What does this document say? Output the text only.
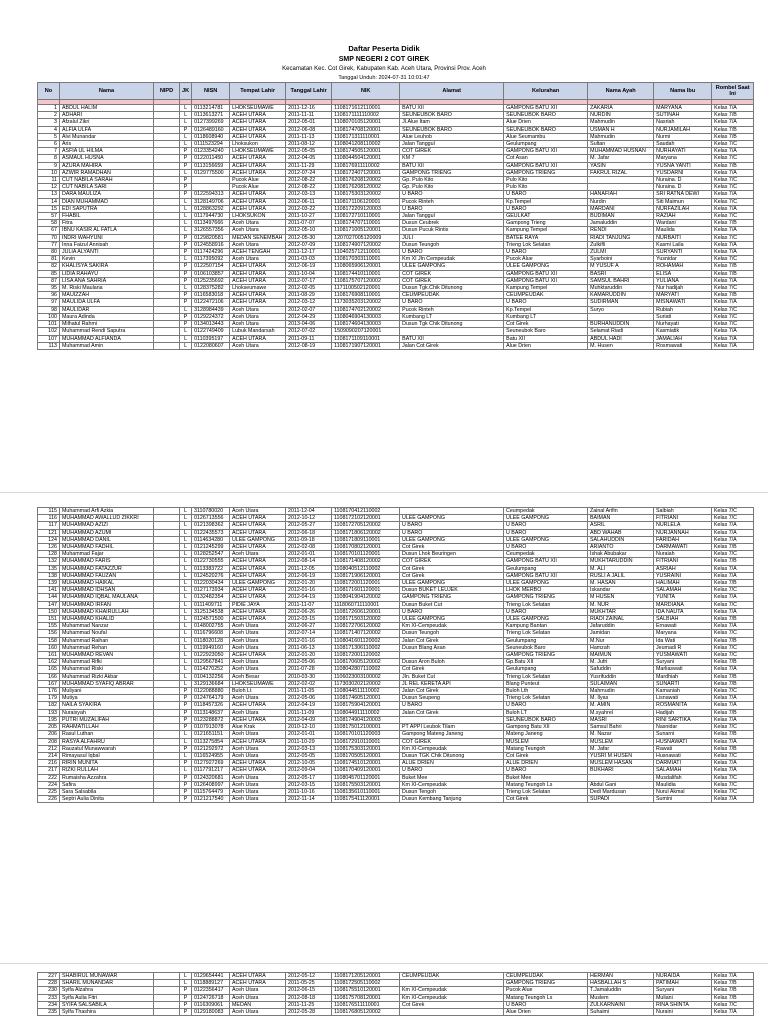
Daftar Peserta Didik
SMP NEGERI 2 COT GIREK
Kecamatan Kec. Cot Girek, Kabupaten Kab. Aceh Utara, Provinsi Prov. Aceh
Tanggal Unduh: 2024-07-31 10:01:47
No	Nama	NIPD	JK	NISN	Tempat Lahir	Tanggal Lahir	NIK	Alamat	Kelurahan	Nama Ayah	Nama Ibu	Rombel Saat Ini

1	ABDUL HALIM		L	0113214781	LHOKSEUMAWE	2011-12-16	1108171612110001	BATU XII	GAMPONG BATU XII	ZAKARIA	MARYANA	Kelas 7/A
2	ADHARI		L	0113613271	ACEH UTARA	2011-11-11	1108171111110002	SEUNEUBOK BARO	SEUNEUBOK BARO	NURDIN	SUTINAH	Kelas 7/B
3	Afzalul Zikri		L	0127399269	ACEH UTARA	2012-05-01	1108070105120001	Jl.Alue Itam	Alue Drien	Mahmudin	Nasriah	Kelas 7/A
4	ALFIA ULFA		P	0126489160	ACEH UTARA	2012-06-08	1108174708120001	SEUNEUBOK BARO	SEUNEUBOK BARO	USMAN H	NURJAMILAH	Kelas 7/B
5	Alvi Munandar		L	0118608940	ACEH UTARA	2011-11-13	1108171311110001	Alue Leuhob	Alue Seumambu	Mahmudin	Nurmi	Kelas 7/B
6	Aris		L	0111523294	Lhoksukon	2011-08-12	1108041208110002	Jalan Tanggul	Geulumpang	Sultan	Saudah	Kelas 7/C
7	ASFIA UL HILMA		P	0123354240	LHOKSEUMAWE	2012-05-05	1108174505120001	COT GIREK	GAMPONG BATU XII	MUHAMMAD HUSNAN	NURHAYATI	Kelas 7/A
8	ASMAUL HUSNA		P	0122011450	ACEH UTARA	2012-04-05	1108044504120001	KM 7	Cot Asan	M. Jafar	Maryana	Kelas 7/C
9	AZURA MAHIRA		P	0113156659	ACEH UTARA	2011-11-29	1108176911110002	BATU XII	GAMPONG BATU XII	YASIN	YUSNA YANTI	Kelas 7/B
10	AZWIR RAMADHAN		L	0129775500	ACEH UTARA	2012-07-24	1108172407120001	GAMPONG TRIENG	GAMPONG TRIENG	FAKRUL RIZAL	YUSDARNI	Kelas 7/A
11	CUT NABILA SARAH		P		Pucok Alue	2012-08-22	1108176208120002	Gp. Pulo Kito	Pulo Kito		Nuraina. D	Kelas 7/C
12	CUT NABILA SARI		P		Pucok Alue	2012-08-22	1108176208120002	Gp. Pulo Kito	Pulo Kito		Nuraina. D	Kelas 7/C
13	DARA MAULIZA		P	0122594313	ACEH UTARA	2012-03-13	1108175303120002	U BARO	U BARO	HANAFIAH	SRI RATNA DEWI	Kelas 7/A
14	DIAN MUHAMMAD		L	3128149706	ACEH UTARA	2012-06-11	1108171106120001	Pucok Rinteh	Kp.Tempel	Nurdin	Siti Maimun	Kelas 7/C
15	EDI SAPUTRA		L	0128863292	ACEH UTARA	2012-03-22	1108172209120003	U BARO	U BARO	MARDANI	NURFAZILAH	Kelas 7/A
57	FHABIL		L	0117944730	LHOKSUKON	2011-10-27	1108172710110001	Jalan Tanggul	GEULKAT	BUDIMAN	RAZIAH	Kelas 7/C
58	Fitra		L	0113497666	Aceh Utara	2011-07-07	1108174707110001	Dusun Ceubrek	Gampong Trieng	Jamaluddin	Wardani	Kelas 7/B
67	IBNU KASIR AL FATLA		L	3126557356	Aceh Utara	2012-05-10	1108171005120001	Dusun Pucuk Rintis	Kampung Tempel	RENDI	Maulida	Kelas 7/A
70	INDRI WAHYUNI		P	0129820581	MEDAN SENEMBAH	2012-05-30	1207027005120009	JULI	BATEE RAYA	RIADI TANJUNG	NURBAITI	Kelas 7/C
77	Inna Faizul Annisah		P	0124558916	Aceh Utara	2012-07-09	1108174907120002	Dusun Teungoh	Trieng Lok Selatan	Zulkifli	Kasmi Laila	Kelas 7/A
80	JULIA ALYANTI		P	0117424296	ACEH TENGAH	2011-12-17	1104025712110001	U BARO	U BARO	ZULMI	SURYANTI	Kelas 7/A
81	Kevin		L	0117395092	Aceh Utara	2011-03-03	1108170303110001	Km XI Jln Cempeudak	Pucok Alue	Syarboini	Yusnidar	Kelas 7/C
82	KHALISYA SAKIRA		P	0122507154	ACEH UTARA	2012-06-19	1108065906120001	ULEE GAMPONG	ULEE GAMPONG	M YUSUF A	ROHAMAH	Kelas 7/B
85	LIDIA RAHAYU		P	0106103857	ACEH UTARA	2011-10-04	1108174410110001	COT GIREK	GAMPONG BATU XII	BASRI	ELISA	Kelas 7/B
87	LISA ANA SAHRIA		P	0125235692	ACEH UTARA	2012-07-17	1108175707120002	COT GIREK	GAMPONG BATU XII	SAMSUL BAHRI	YULIANA	Kelas 7/A
95	M. Riski Maulana		L	0128375282	Lhokseumawe	2012-02-05	1171100502120001	Dusun Tgk.Chik Ditunong	Kampung Tempel	Muhktaruddin	Nur hadijah	Kelas 7/C
96	MAUIZZAH		P	0116583018	ACEH UTARA	2011-08-29	1108176908110001	CEUMPEUDAK	CEUMPEUDAK	KAMARUDDIN	MARYATI	Kelas 7/B
97	MAULIDA ULFA		P	0122472106	ACEH UTARA	2012-03-12	1173035203120002	U BARO	U BARO	SUDIRMAN	MISNAWATI	Kelas 7/A
98	MAULIDAR		L	3128984439	Aceh Utara	2012-02-07	1108174702120002	Pucok Rinteh	Kp.Tempel	Suryo	Rubiah	Kelas 7/C
100	Maura Adinda		P	0129224372	Aceh Utara	2012-04-29	1108046904130003	Kumbang LT	Kumbang LT		Suriati	Kelas 7/C
101	Milhatul Rahmi		P	0134013443	Aceh Utara	2013-04-06	1108174604130003	Dusun Tgk Chik Ditunong	Cot Girek	BURHANUDDIN	Nurhayati	Kelas 7/C
102	Muhammad Rendi Saputra		L	0122749409	Lubuk Mandarsah	2012-07-02	1509090207120001		Seuneubok Baro	Selamat Riadi	Kasmiatik	Kelas 7/A
107	MUHAMMAD ALFIANDA		L	0110395197	ACEH UTARA	2011-09-11	1108171109110001	BATU XII	Batu XII	ABDUL HADI	JAMALIAH	Kelas 7/A
113	Muhammad Amin		L	0122080607	Aceh Utara	2012-08-19	1108171907120001	Jalan Cot Girek	Alue Drien	M. Husen	Rosmawati	Kelas 7/A
115	Muhammad Arfi Azkia		L	3110780020	Aceh Utara	2011-12-04	1108170412110002		Ceumpedak	Zainal Arifin	Salbiah	Kelas 7/C
116	MUHAMMAD AWALLUD ZIKKRI		L	0126713556	ACEH UTARA	2012-10-12	1108172102120001	ULEE GAMPONG	ULEE GAMPONG	BAIMAN	FITRIANI	Kelas 7/C
117	MUHAMMAD AZIZI		L	0121398362	ACEH UTARA	2012-05-27	1108172705120002	U BARO	U BARO	ASRIL	NURLELA	Kelas 7/A
121	MUHAMMAD AZUMI		L	0122435573	ACEH UTARA	2012-06-18	1108171806120002	U BARO	U BARO	ABD WAHAB	NURJANNAH	Kelas 7/A
124	MUHAMMAD DANIL		L	0114634280	ULEE GAMPONG	2011-09-18	1108171809110001	ULEE GAMPONG	ULEE GAMPONG	SALAHUDDIN	FARIDAH	Kelas 7/A
126	MUHAMMAD FADHIL		L	0121245299	ACEH UTARA	2012-02-08	1108170802120001	Cot Girek	U BARO	ARIANTO	DARMAWATI	Kelas 7/B
128	Muhammad Fajar		L	0128252547	Aceh Utara	2012-01-01	1108170101120001	Dusun Lhok Beuringen	Ceumpedak	Ishak Abubakar	Nuraiah	Kelas 7/C
132	MUHAMMAD FARIS		L	0122730555	ACEH UTARA	2012-08-14	1108171408120002	COT GIREK	GAMPONG BATU XII	MUKHTARUDDIN	FITRIANI	Kelas 7/B
135	MUHAMMAD FATAZZUR		L	0113383722	ACEH UTARA	2011-12-05	1108040512110002	Cot Girek	Geulumpang	M. ALI	ASRIAH	Kelas 7/A
138	MUHAMMAD FAUZAN		L	0124520276	ACEH UTARA	2012-06-19	1108171906120001	Cot Girek	GAMPONG BATU XII	RUSLI A JALIL	YUSRAINI	Kelas 7/A
139	MUHAMMAD HAIKAL		L	0122030434	ULEE GAMPONG	2012-01-20	1108172001120001	ULEE GAMPONG	ULEE GAMPONG	M. HASAN	HALIMAH	Kelas 7/B
141	MUHAMMAD IDHSAN		L	0127173934	ACEH UTARA	2012-01-16	1108171601120001	Dusun BUKET LEUJEK	LHOK MERBO	Iskandar	SALAMAH	Kelas 7/C
144	MUHAMMAD IQBAL MAULANA		L	0132482354	ACEH UTARA	2012-04-19	1108041904120002	GAMPONG TRIENG	GAMPONG TRIENG	M HUSEN	YUNITA	Kelas 7/A
147	MUHAMMAD IRFAN		L	0111409711	PIDIE JAYA	2011-11-07	1118060711110001	Dusun Buket Cut	Trieng Lok Selatan	M. NUR	MARDIANA	Kelas 7/C
150	MUHAMMAD KHAIRULLAH		L	3125134538	ACEH UTARA	2012-06-26	1108172606120001	U BARO	U BARO	MUKHTAR	IDA NAUTA	Kelas 7/A
151	MUHAMMAD KHALID		L	0124571500	ACEH UTARA	2012-03-15	1108171503120002	ULEE GAMPONG	ULEE GAMPONG	RIADI ZAINAL	SALBIAH	Kelas 7/B
155	Muhammad Nanzar		L	0148002755	Aceh Utara	2012-06-27	1108172706120002	Km XI-Cempeudak	Kampung Bantan	Jafaruddin	Ernawati	Kelas 7/A
156	Muhammad Noufal		L	0116796608	Aceh Utara	2012-07-14	1108171407120002	Dusun Teungoh	Trieng Lok Selatan	Jamidan	Maryana	Kelas 7/C
158	Muhammad Raihan		L	0118020128	Aceh Utara	2012-01-16	1108041601120002	Jalan Cot Girek	Geulumpang	M.Nur	Ida Wati	Kelas 7/B
160	Muhammad Rehan		L	0119949160	Aceh Utara	2011-06-13	1108171306110002	Dusun Blang Asan	Seuneubok Baro	Hamzah	Jeumadi R	Kelas 7/C
161	MUHAMMAD REVAN		L	0122923050	ACEH UTARA	2012-01-20	1108172001120002		GAMPONG TRIENG	MAIMUN	YUSMAWATI	Kelas 7/C
162	Muhammad Rifki		L	0129567841	Aceh Utara	2012-05-06	1108170605120002	Dusun Aron Buloh	Gp.Batu XII	M. Jufri	Suryani	Kelas 7/B
165	Muhammad Riski		L	0114270252	Aceh Utara	2011-07-28	1108042807110002	Cot Girek	Geulumpang	Safuddin	Marliaswati	Kelas 7/A
166	Muhammad Rizki Akbar		L	0104132256	Aceh Besar	2010-03-30	1106023003100002	Jln. Buket Cut	Trieng Lok Selatan	Yusrifuddin	Mardhiah	Kelas 7/B
167	MUHAMMAD SYAFIQ ABRAR		L	3129136684	LHOKSEUMAWE	2012-02-02	1173030202120002	JL REL KERETA API	Blang Punteut	SULAIMAN	SUNARTI	Kelas 7/B
176	Muliyani		P	0122088880	Buloh Lt	2011-11-05	1108044511110002	Jalan Cot Girek	Buloh Lth	Mahmudin	Kamaniah	Kelas 7/C
179	Mutiya		P	0124764179	Aceh Utara	2012-05-06	1108174605120001	Dusun Seupeng	Trieng Lok Selatan	M. Ilyas	Lisnawati	Kelas 7/A
182	NAILA SYAKIRA		P	0118457326	ACEH UTARA	2012-04-19	1108175904120001	U BARO	U BARO	M. AMIN	ROSMANITA	Kelas 7/A
193	Nuraisyah		P	0113148637	Aceh Utara	2011-11-09	1108044911110002	Jalan Cot Girek	Buloh LT	M.syahrel	Hadijah	Kelas 7/B
195	PUTRI MUZALIFAH		P	0123288872	ACEH UTARA	2012-04-09	1108174904120003		SEUNEUBOK BARO	MASRI	RINI SARTIKA	Kelas 7/A
205	RAHMATILLAH		P	0107913078	Alue Krak	2010-12-10	1108175012100001	PT APPI Leubok Tilam	Gampong Batu XII	Samsul Bahri	Nasnidar	Kelas 7/C
206	Rasul Luthan		L	0121651151	Aceh Utara	2012-01-01	1108170101120003	Gampong Mateng Janeng	Mateng Janeng	M. Nazar	Sunarni	Kelas 7/B
208	RASYA ALFAHRU		L	0113275854	ACEH UTARA	2011-10-29	1108172910110001	COT GIREK	MUSLEM	MUSLEM	HUSNAWATI	Kelas 7/A
212	Rauzatul Munawwarah		P	0121292972	Aceh Utara	2012-03-13	1108175303120001	Km XI-Cempeudak	Matang Teungoh	M. Jafar	Rawati	Kelas 7/B
214	Rimayasul Iqbal		L	0116524955	Aceh Utara	2012-05-05	1108170505120001	Dusun TGK Chik Ditunong	Cot Girek	YUSRI M HUSEN	Husnawati	Kelas 7/C
216	RIRIN MUNITA		P	0127927269	ACEH UTARA	2012-10-05	1108174510120001	ALUE DRIEN	ALUE DRIEN	MUSLEM HASAN	DARMIATI	Kelas 7/A
217	RIZKI RULLAH		L	0117791217	ACEH UTARA	2012-09-04	1108170409120001	U BARO	U BARO	BUKHARI	SALAMAH	Kelas 7/A
222	Rumaisha Azzahra		P	0124320681	Aceh Utara	2012-05-17	1108045701120001	Buket Mee	Buket Mee		Musdalifah	Kelas 7/C
224	Safira		P	0126408997	Aceh Utara	2012-03-15	1108175503120001	Km XI-Cempeudak	Matang Teungoh Ls	Abdul Gani	Maulidia	Kelas 7/C
225	Sara Salsabila		P	0115764479	Aceh Utara	2011-10-16	1108135610110001	Dusun Tengoh	Trieng Lok Selatan	Dedi Mardusan	Nurul Akmal	Kelas 7/C
226	Septri Aulia Dinita		P	0121217540	Aceh Utara	2012-11-14	1108175411120001	Dusun Kembang Tanjung	Cot Girek	SUPADI	Sumini	Kelas 7/A
227	SHABIRUL MUNAWAR		L	0129654441	ACEH UTARA	2012-05-12	1108171205120001	CEUMPEUDAK	CEUMPEUDAK	HERMAN	NURAIDA	Kelas 7/A
228	SHARIL MUNANDAR		L	0118889127	ACEH UTARA	2011-05-25	1108172505110002		GAMPONG TRIENG	HASBALLAH S	PATIMAH	Kelas 7/B
230	Syifa Alzahra		P	0122356417	Aceh Utara	2012-06-15	1108175510120001	Km XI-Cempeudak	Pucok Alue	T.Jamaluddin	Suryani	Kelas 7/B
233	Syifa Aulia Fitri		P	0124726718	Aceh Utara	2012-08-18	1108175708120001	Km XI-Cempeudak	Matang Teungoh Ls	Muslem	Muliani	Kelas 7/B
234	SYIFA SALSABILA		P	0116309061	MEDAN	2011-11-25	1108176511110001	Cot Girek	U BARO	ZULKARNAINI	RINA SHINTA	Kelas 7/C
235	Sylfa Thashira		P	0129180083	Aceh Utara	2012-05-28	1108176805120002		Alue Drien	Suhaimi	Nuraini	Kelas 7/A
